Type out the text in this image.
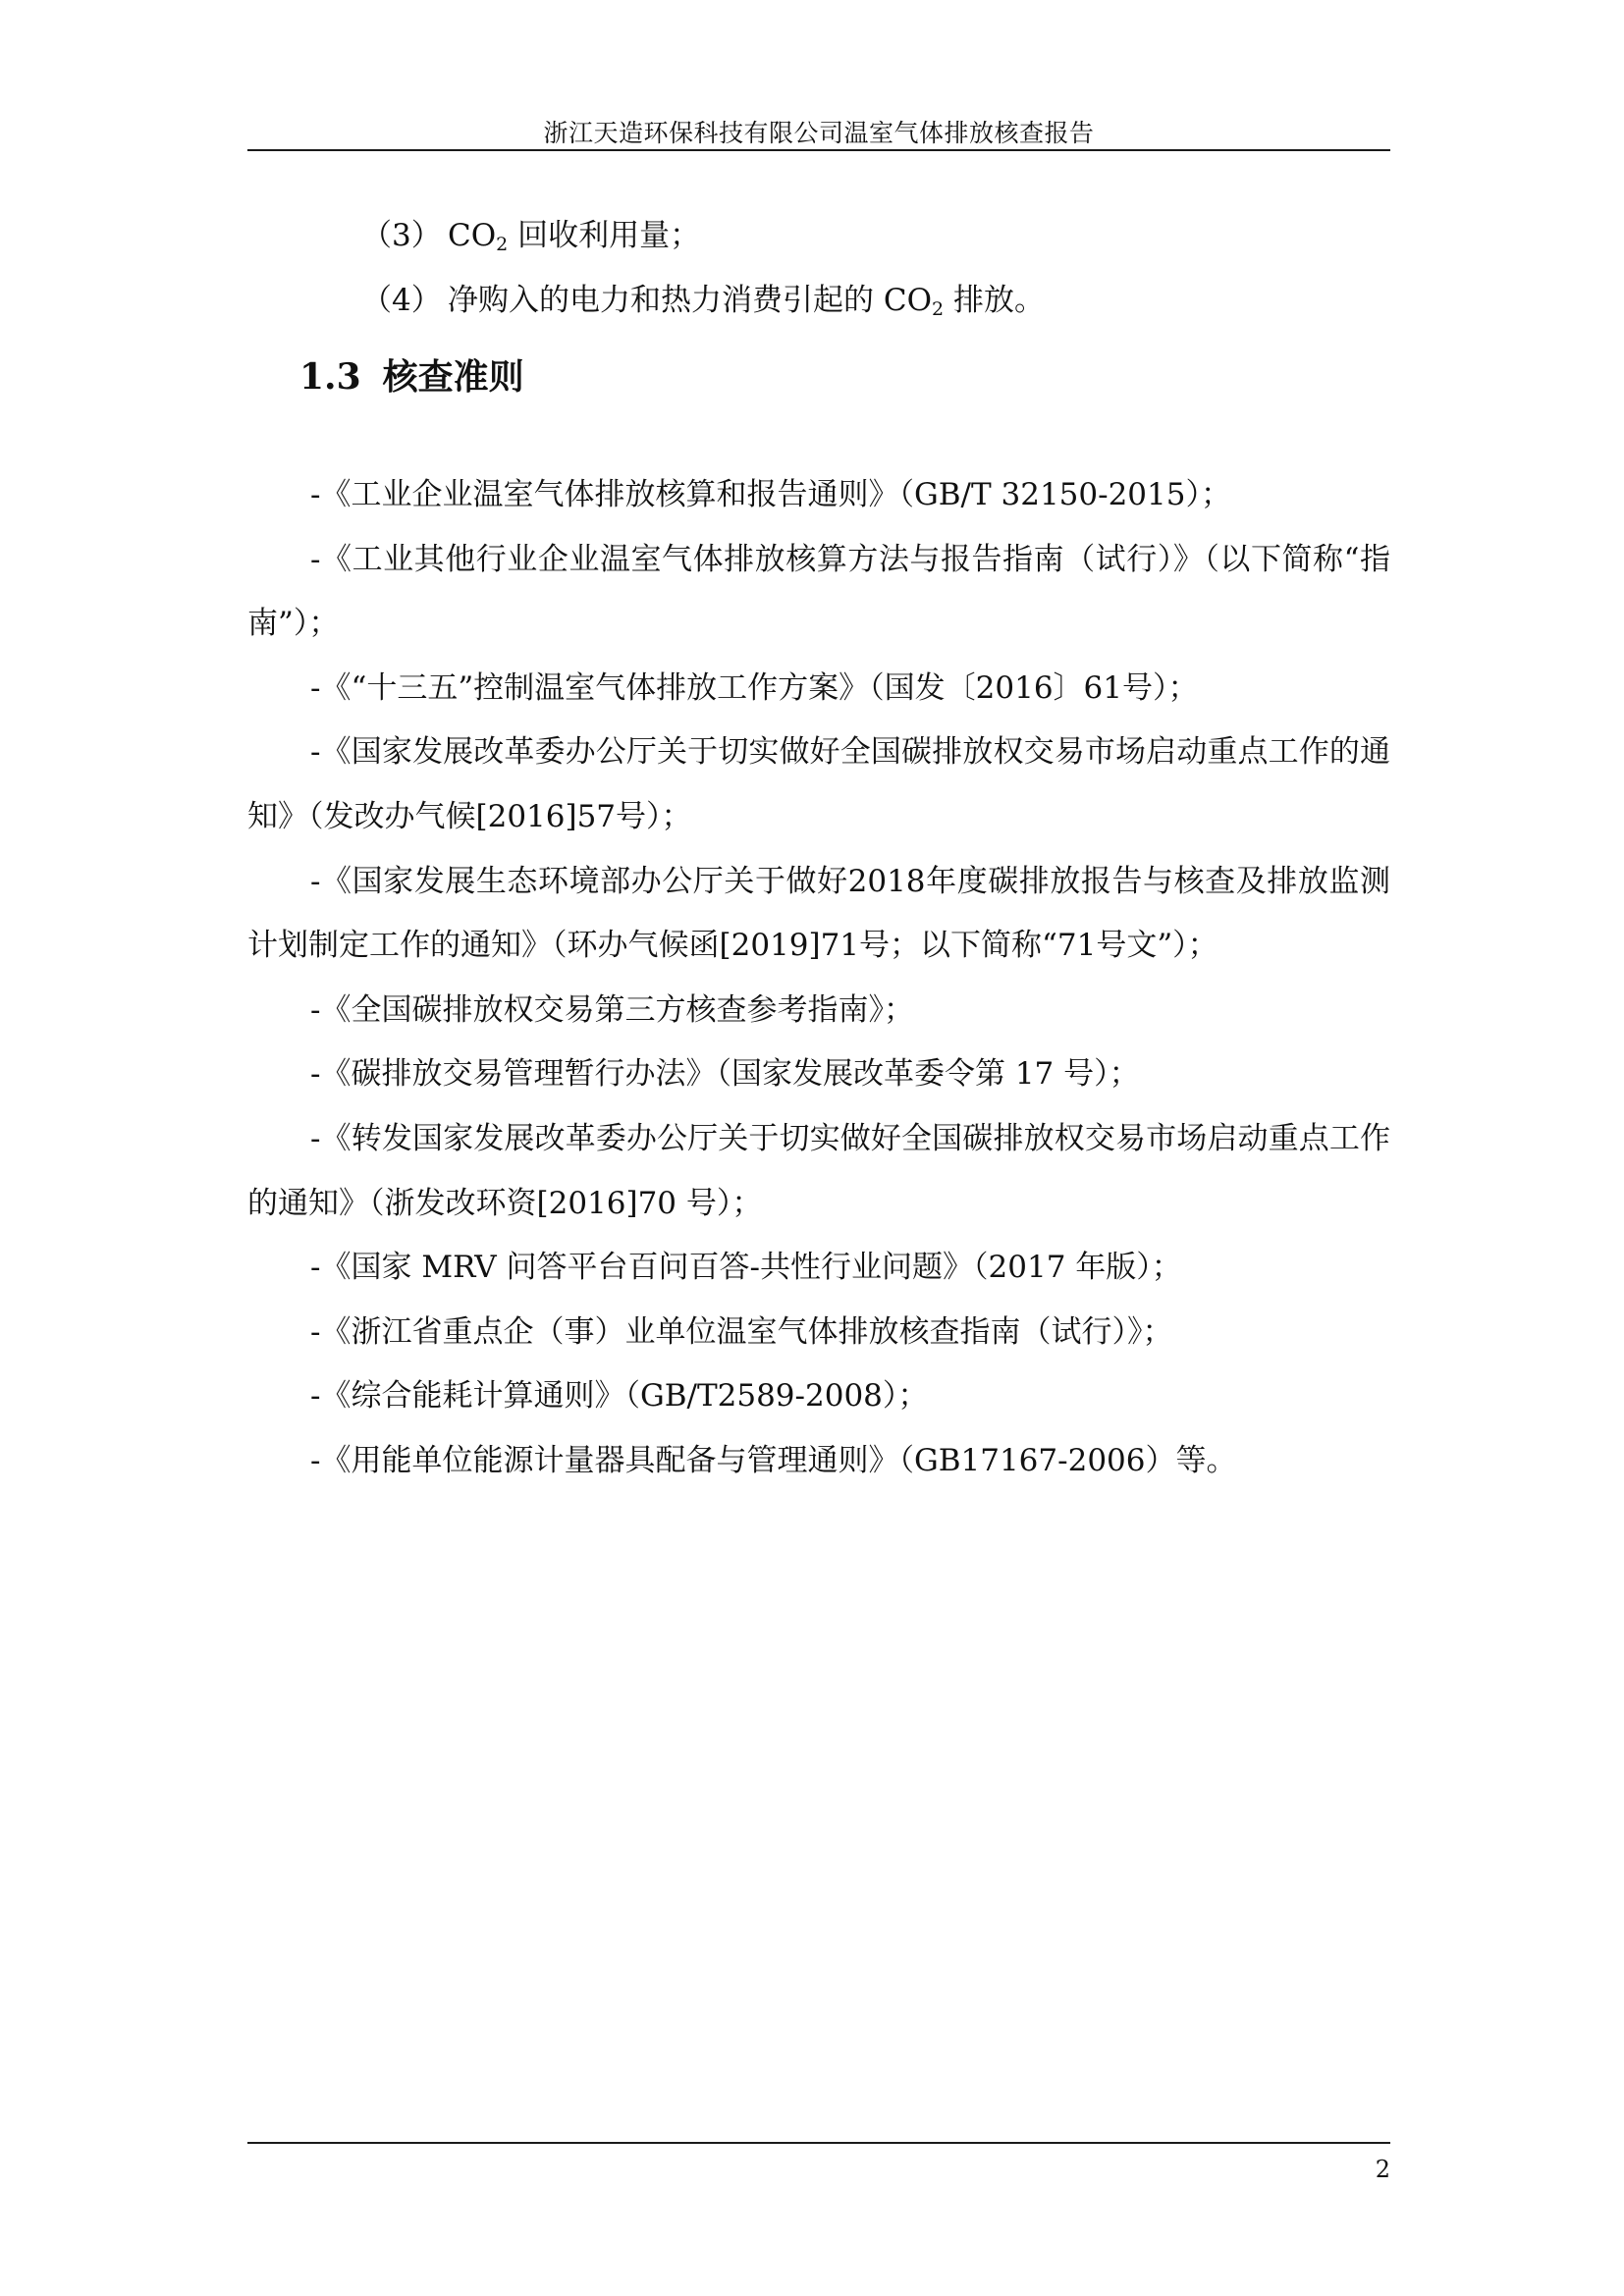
浙江天造环保科技有限公司温室气体排放核查报告
（3） $CO_2$ 回收利用量；
（4） 净购入的电力和热力消费引起的 $CO_2$ 排放。
1.3 核查准则

-《工业企业温室气体排放核算和报告通则》（GB/T 32150-2015）；

-《工业其他行业企业温室气体排放核算方法与报告指南（试行）》（以下简称“指南”）；

-《“十三五”控制温室气体排放工作方案》（国发〔2016〕61号）；

-《国家发展改革委办公厅关于切实做好全国碳排放权交易市场启动重点工作的通知》（发改办气候[2016]57号）；

-《国家发展生态环境部办公厅关于做好2018年度碳排放报告与核查及排放监测计划制定工作的通知》（环办气候函[2019]71号；以下简称“71号文”）；

-《全国碳排放权交易第三方核查参考指南》；

-《碳排放交易管理暂行办法》（国家发展改革委令第 17 号）；

-《转发国家发展改革委办公厅关于切实做好全国碳排放权交易市场启动重点工作的通知》（浙发改环资[2016]70 号）；

-《国家 MRV 问答平台百问百答-共性行业问题》（2017 年版）；

-《浙江省重点企（事）业单位温室气体排放核查指南（试行）》；

-《综合能耗计算通则》（GB/T2589-2008）；

-《用能单位能源计量器具配备与管理通则》（GB17167-2006）等。

2
